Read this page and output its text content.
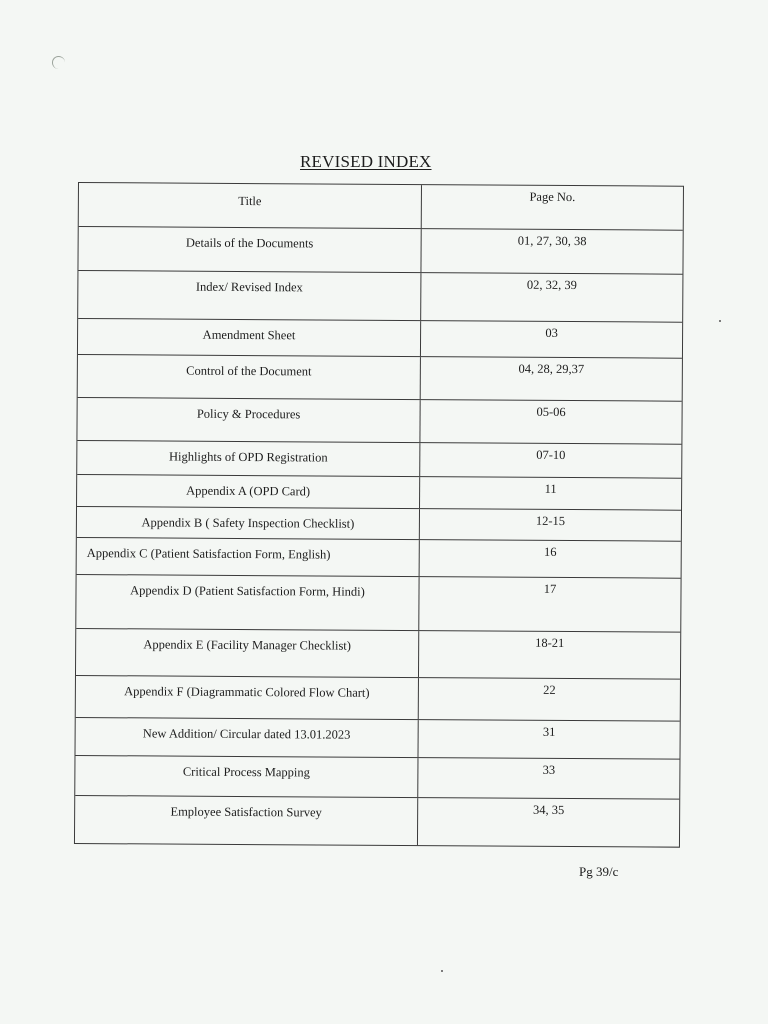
REVISED INDEX
Title	Page No.
Details of the Documents	01, 27, 30, 38
Index/ Revised Index	02, 32, 39
Amendment Sheet	03
Control of the Document	04, 28, 29,37
Policy & Procedures	05-06
Highlights of OPD Registration	07-10
Appendix A (OPD Card)	11
Appendix B ( Safety Inspection Checklist)	12-15
Appendix C (Patient Satisfaction Form, English)	16
Appendix D (Patient Satisfaction Form, Hindi)	17
Appendix E (Facility Manager Checklist)	18-21
Appendix F (Diagrammatic Colored Flow Chart)	22
New Addition/ Circular dated 13.01.2023	31
Critical Process Mapping	33
Employee Satisfaction Survey	34, 35
Pg 39/c
